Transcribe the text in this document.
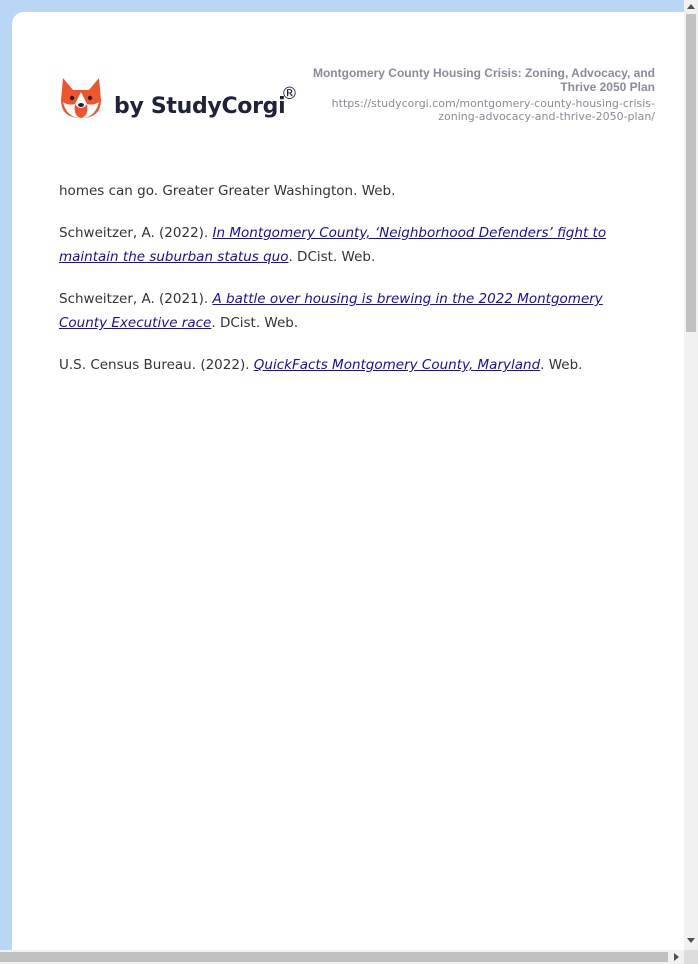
by StudyCorgi
®
Montgomery County Housing Crisis: Zoning, Advocacy, and Thrive 2050 Plan
https://studycorgi.com/montgomery-county-housing-crisis-zoning-advocacy-and-thrive-2050-plan/

homes can go. Greater Greater Washington. Web.

Schweitzer, A. (2022). In Montgomery County, ‘Neighborhood Defenders’ fight to maintain the suburban status quo. DCist. Web.

Schweitzer, A. (2021). A battle over housing is brewing in the 2022 Montgomery County Executive race. DCist. Web.

U.S. Census Bureau. (2022). QuickFacts Montgomery County, Maryland. Web.
